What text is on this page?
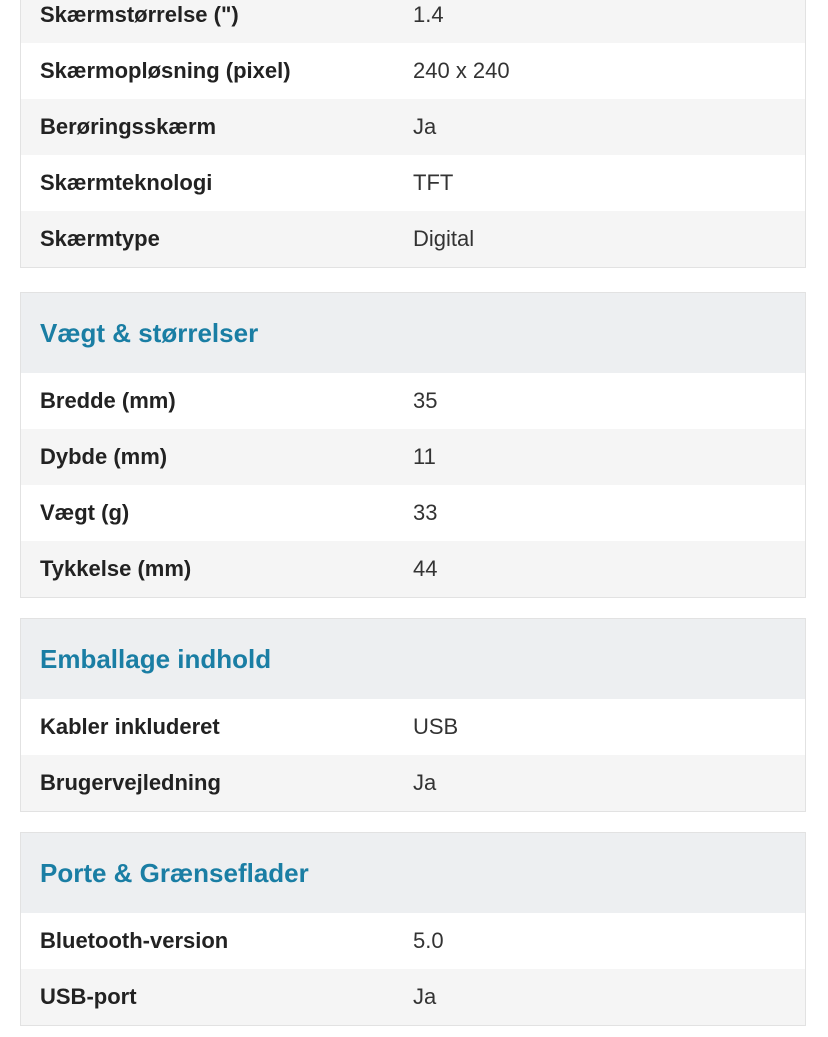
Skærmstørrelse (")	1.4
Skærmopløsning (pixel)	240 x 240
Berøringsskærm	Ja
Skærmteknologi	TFT
Skærmtype	Digital
Vægt & størrelser
Bredde (mm)	35
Dybde (mm)	11
Vægt (g)	33
Tykkelse (mm)	44
Emballage indhold
Kabler inkluderet	USB
Brugervejledning	Ja
Porte & Grænseflader
Bluetooth-version	5.0
USB-port	Ja
